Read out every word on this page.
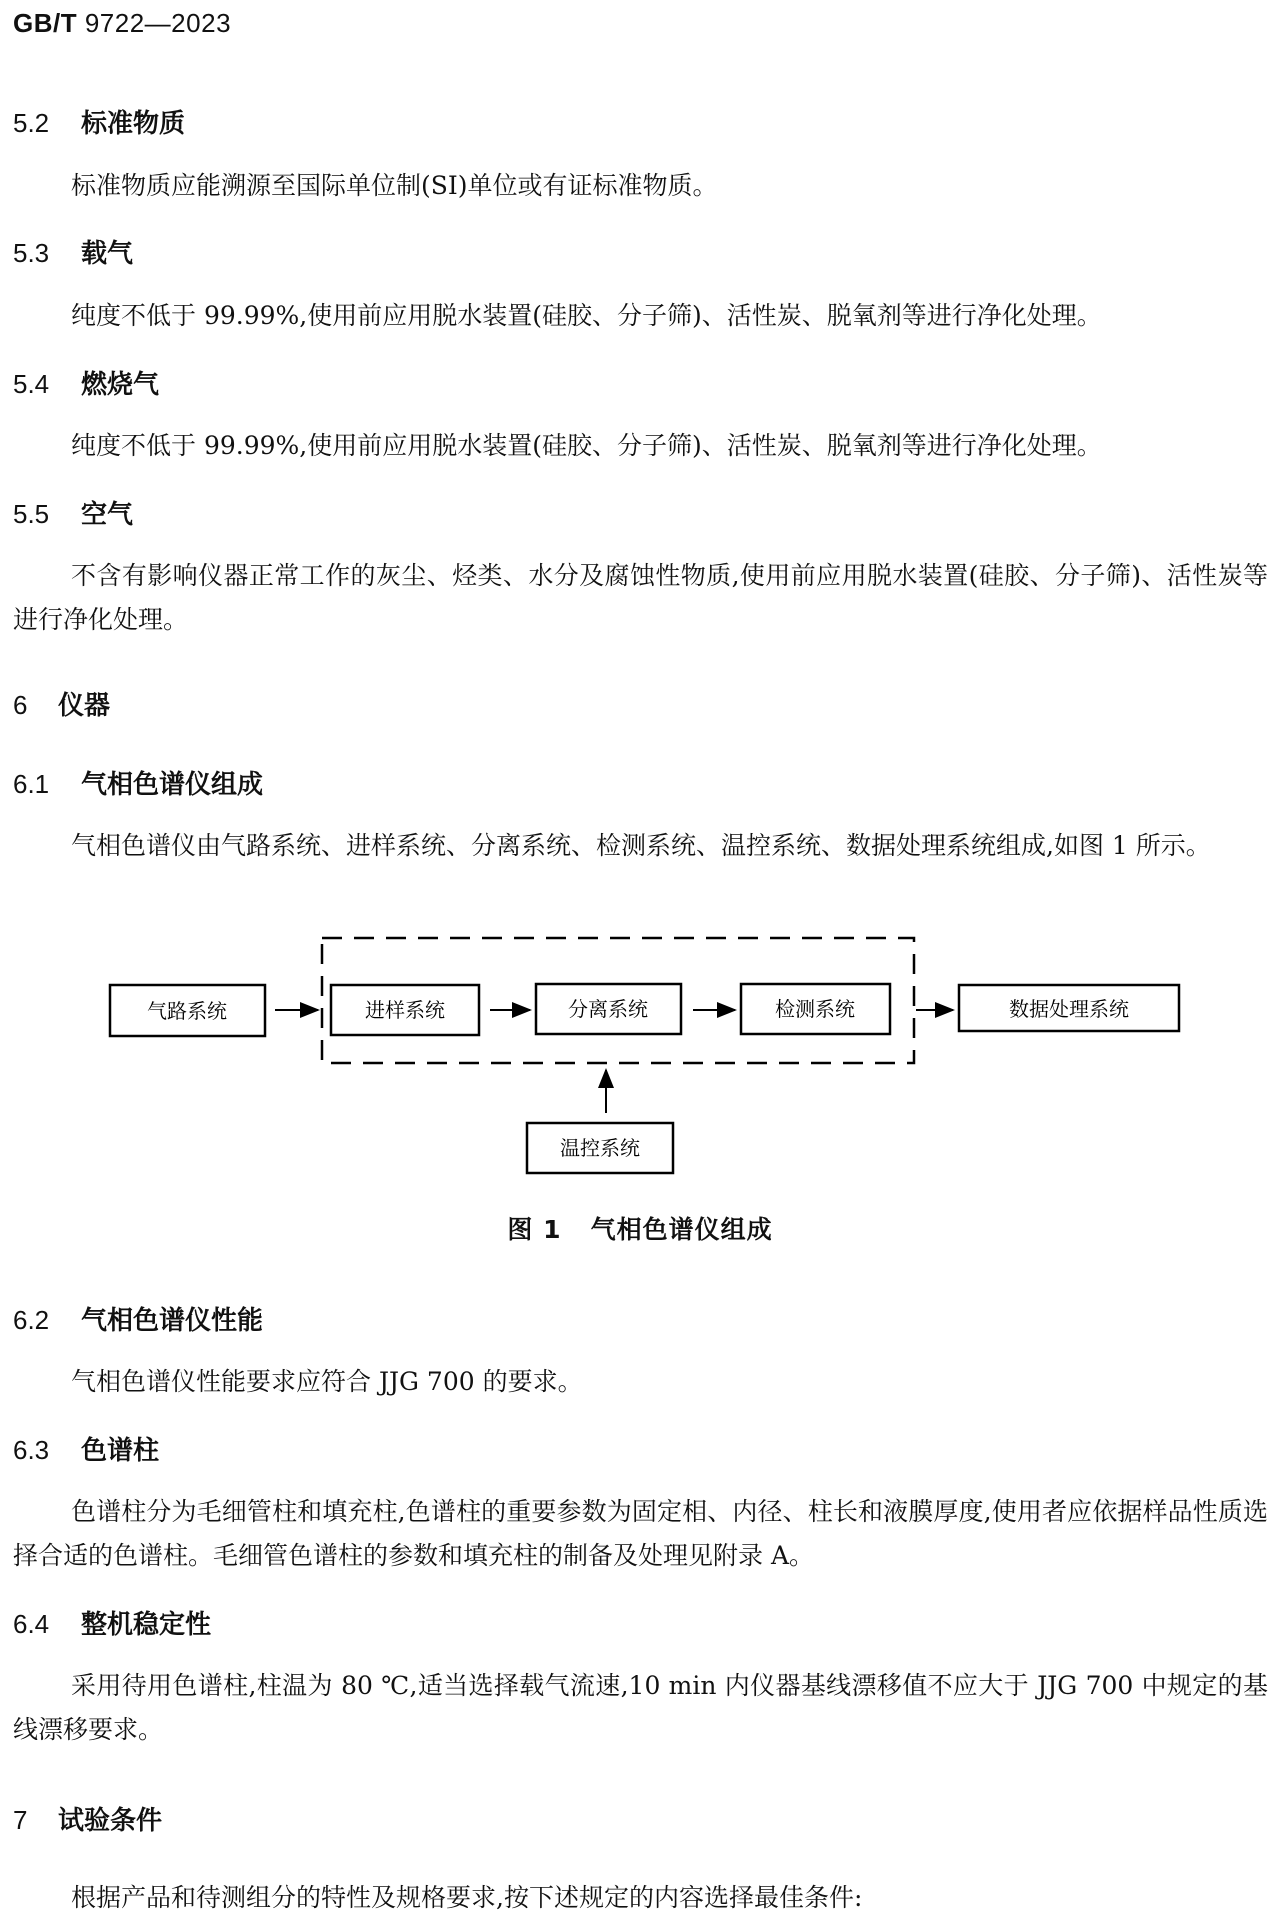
GB/T 9722—2023
5.2 标准物质
标准物质应能溯源至国际单位制(SI)单位或有证标准物质。
5.3 载气
纯度不低于 99.99%,使用前应用脱水装置(硅胶、分子筛)、活性炭、脱氧剂等进行净化处理。
5.4 燃烧气
纯度不低于 99.99%,使用前应用脱水装置(硅胶、分子筛)、活性炭、脱氧剂等进行净化处理。
5.5 空气
不含有影响仪器正常工作的灰尘、烃类、水分及腐蚀性物质,使用前应用脱水装置(硅胶、分子筛)、活性炭等进行净化处理。
6 仪器
6.1 气相色谱仪组成
气相色谱仪由气路系统、进样系统、分离系统、检测系统、温控系统、数据处理系统组成,如图 1 所示。
气路系统	进样系统	分离系统	检测系统	数据处理系统
温控系统
图 1 气相色谱仪组成
6.2 气相色谱仪性能
气相色谱仪性能要求应符合 JJG 700 的要求。
6.3 色谱柱
色谱柱分为毛细管柱和填充柱,色谱柱的重要参数为固定相、内径、柱长和液膜厚度,使用者应依据样品性质选择合适的色谱柱。毛细管色谱柱的参数和填充柱的制备及处理见附录 A。
6.4 整机稳定性
采用待用色谱柱,柱温为 80 ℃,适当选择载气流速,10 min 内仪器基线漂移值不应大于 JJG 700 中规定的基线漂移要求。
7 试验条件
根据产品和待测组分的特性及规格要求,按下述规定的内容选择最佳条件:
